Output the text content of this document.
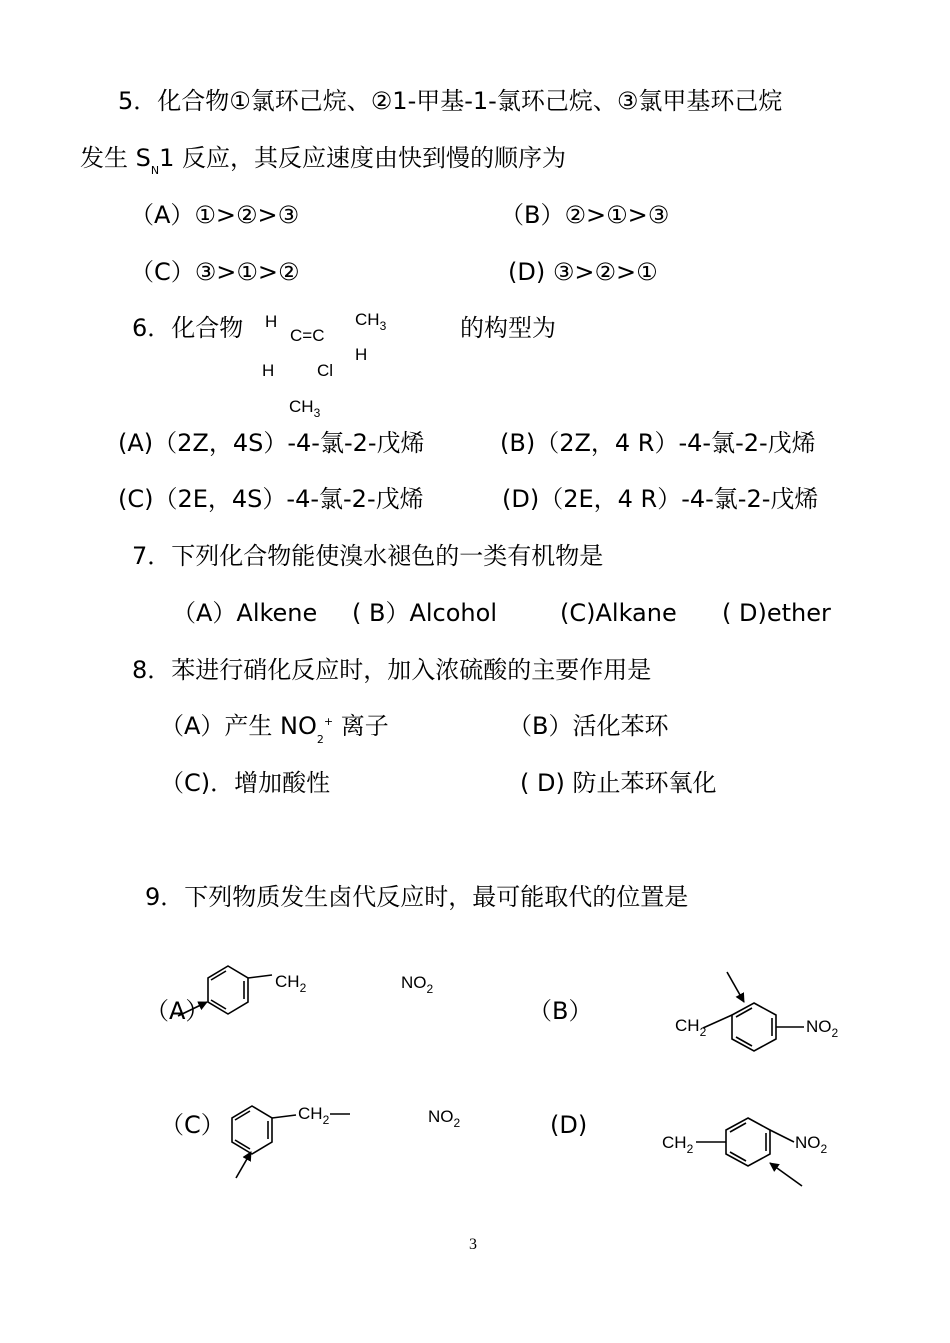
5．化合物①氯环己烷、②1-甲基-1-氯环己烷、③氯甲基环己烷
发生 $S_N1$ 反应，其反应速度由快到慢的顺序为
（A）①>②>③	（B）②>①>③
（C）③>①>②	(D) ③>②>①
6．化合物	的构型为
H
C=C
$CH_3$
H
H	Cl
$CH_3$
(A)（2Z，4S）-4-氯-2-戊烯	(B)（2Z，4 R）-4-氯-2-戊烯
(C)（2E，4S）-4-氯-2-戊烯	(D)（2E，4 R）-4-氯-2-戊烯
7．下列化合物能使溴水褪色的一类有机物是
（A）Alkene ( B）Alcohol	(C)Alkane ( D)ether
8．苯进行硝化反应时，加入浓硫酸的主要作用是
（A）产生 $NO_2^+$ 离子	（B）活化苯环
（C)．增加酸性	( D) 防止苯环氧化
9．下列物质发生卤代反应时，最可能取代的位置是
（A）	（B）
（C）	(D)
$CH_2$	$NO_2$
$CH_2$	$NO_2$
$CH_2$	$NO_2$
$CH_2$	$NO_2$
3
